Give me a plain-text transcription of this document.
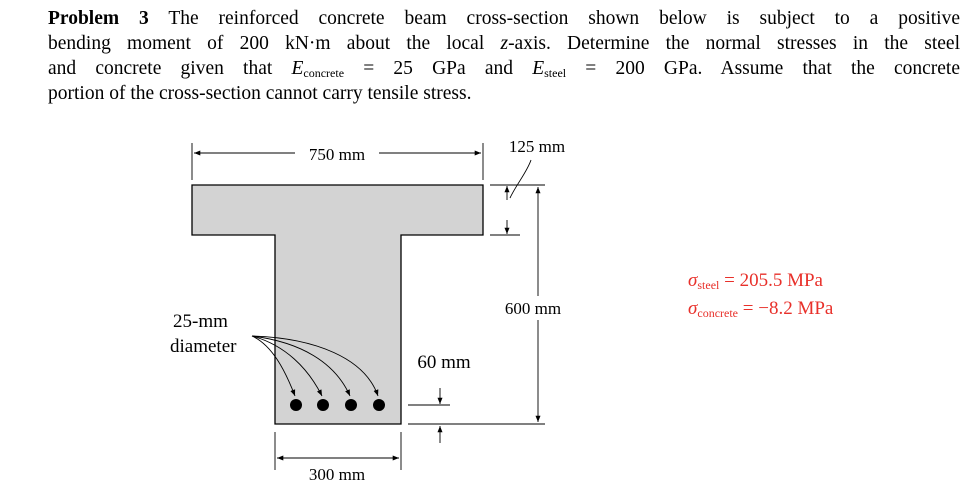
Problem 3 The reinforced concrete beam cross-section shown below is subject to a positive
bending moment of 200 kN·m about the local z-axis. Determine the normal stresses in the steel
and concrete given that $E_{concrete} = 25$ GPa and $E_{steel} = 200$ GPa. Assume that the concrete
portion of the cross-section cannot carry tensile stress.
750 mm	125 mm
600 mm
60 mm
300 mm
25-mm
diameter
$\sigma_{steel} = 205.5$ MPa
$\sigma_{concrete} = -8.2$ MPa
